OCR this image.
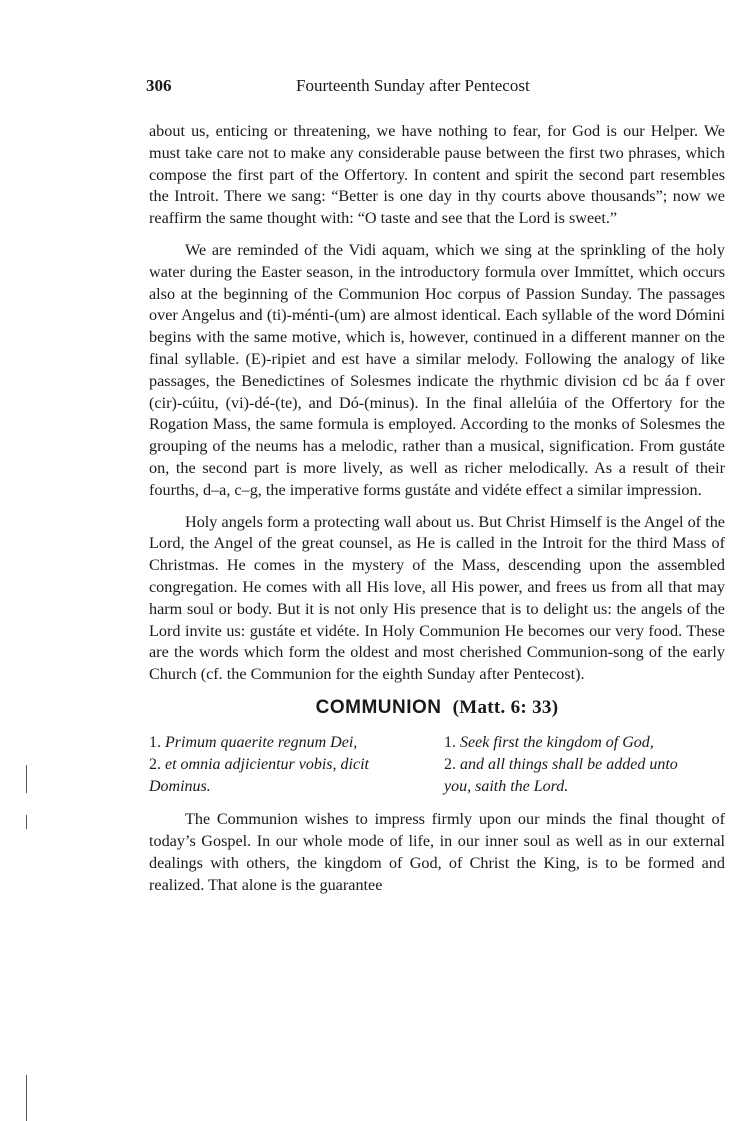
306	Fourteenth Sunday after Pentecost

about us, enticing or threatening, we have nothing to fear, for God is our Helper. We must take care not to make any considerable pause between the first two phrases, which compose the first part of the Offertory. In content and spirit the second part resembles the Introit. There we sang: “Better is one day in thy courts above thousands”; now we reaffirm the same thought with: “O taste and see that the Lord is sweet.”

We are reminded of the Vidi aquam, which we sing at the sprinkling of the holy water during the Easter season, in the introductory formula over Immíttet, which occurs also at the beginning of the Communion Hoc corpus of Passion Sunday. The passages over Angelus and (ti)-ménti-(um) are almost identical. Each syllable of the word Dómini begins with the same motive, which is, however, continued in a different manner on the final syllable. (E)-ripiet and est have a similar melody. Following the analogy of like passages, the Benedictines of Solesmes indicate the rhythmic division cd bc áa f over (cir)-cúitu, (vi)-dé-(te), and Dó-(minus). In the final allelúia of the Offertory for the Rogation Mass, the same formula is employed. According to the monks of Solesmes the grouping of the neums has a melodic, rather than a musical, signification. From gustáte on, the second part is more lively, as well as richer melodically. As a result of their fourths, d–a, c–g, the imperative forms gustáte and vidéte effect a similar impression.

Holy angels form a protecting wall about us. But Christ Himself is the Angel of the Lord, the Angel of the great counsel, as He is called in the Introit for the third Mass of Christmas. He comes in the mystery of the Mass, descending upon the assembled congregation. He comes with all His love, all His power, and frees us from all that may harm soul or body. But it is not only His presence that is to delight us: the angels of the Lord invite us: gustáte et vidéte. In Holy Communion He becomes our very food. These are the words which form the oldest and most cherished Communion-song of the early Church (cf. the Communion for the eighth Sunday after Pentecost).

COMMUNION (Matt. 6: 33)
1. Primum quaerite regnum Dei,
2. et omnia adjicientur vobis, dicit
Dominus.
1. Seek first the kingdom of God,
2. and all things shall be added unto
you, saith the Lord.

The Communion wishes to impress firmly upon our minds the final thought of today’s Gospel. In our whole mode of life, in our inner soul as well as in our external dealings with others, the kingdom of God, of Christ the King, is to be formed and realized. That alone is the guarantee
